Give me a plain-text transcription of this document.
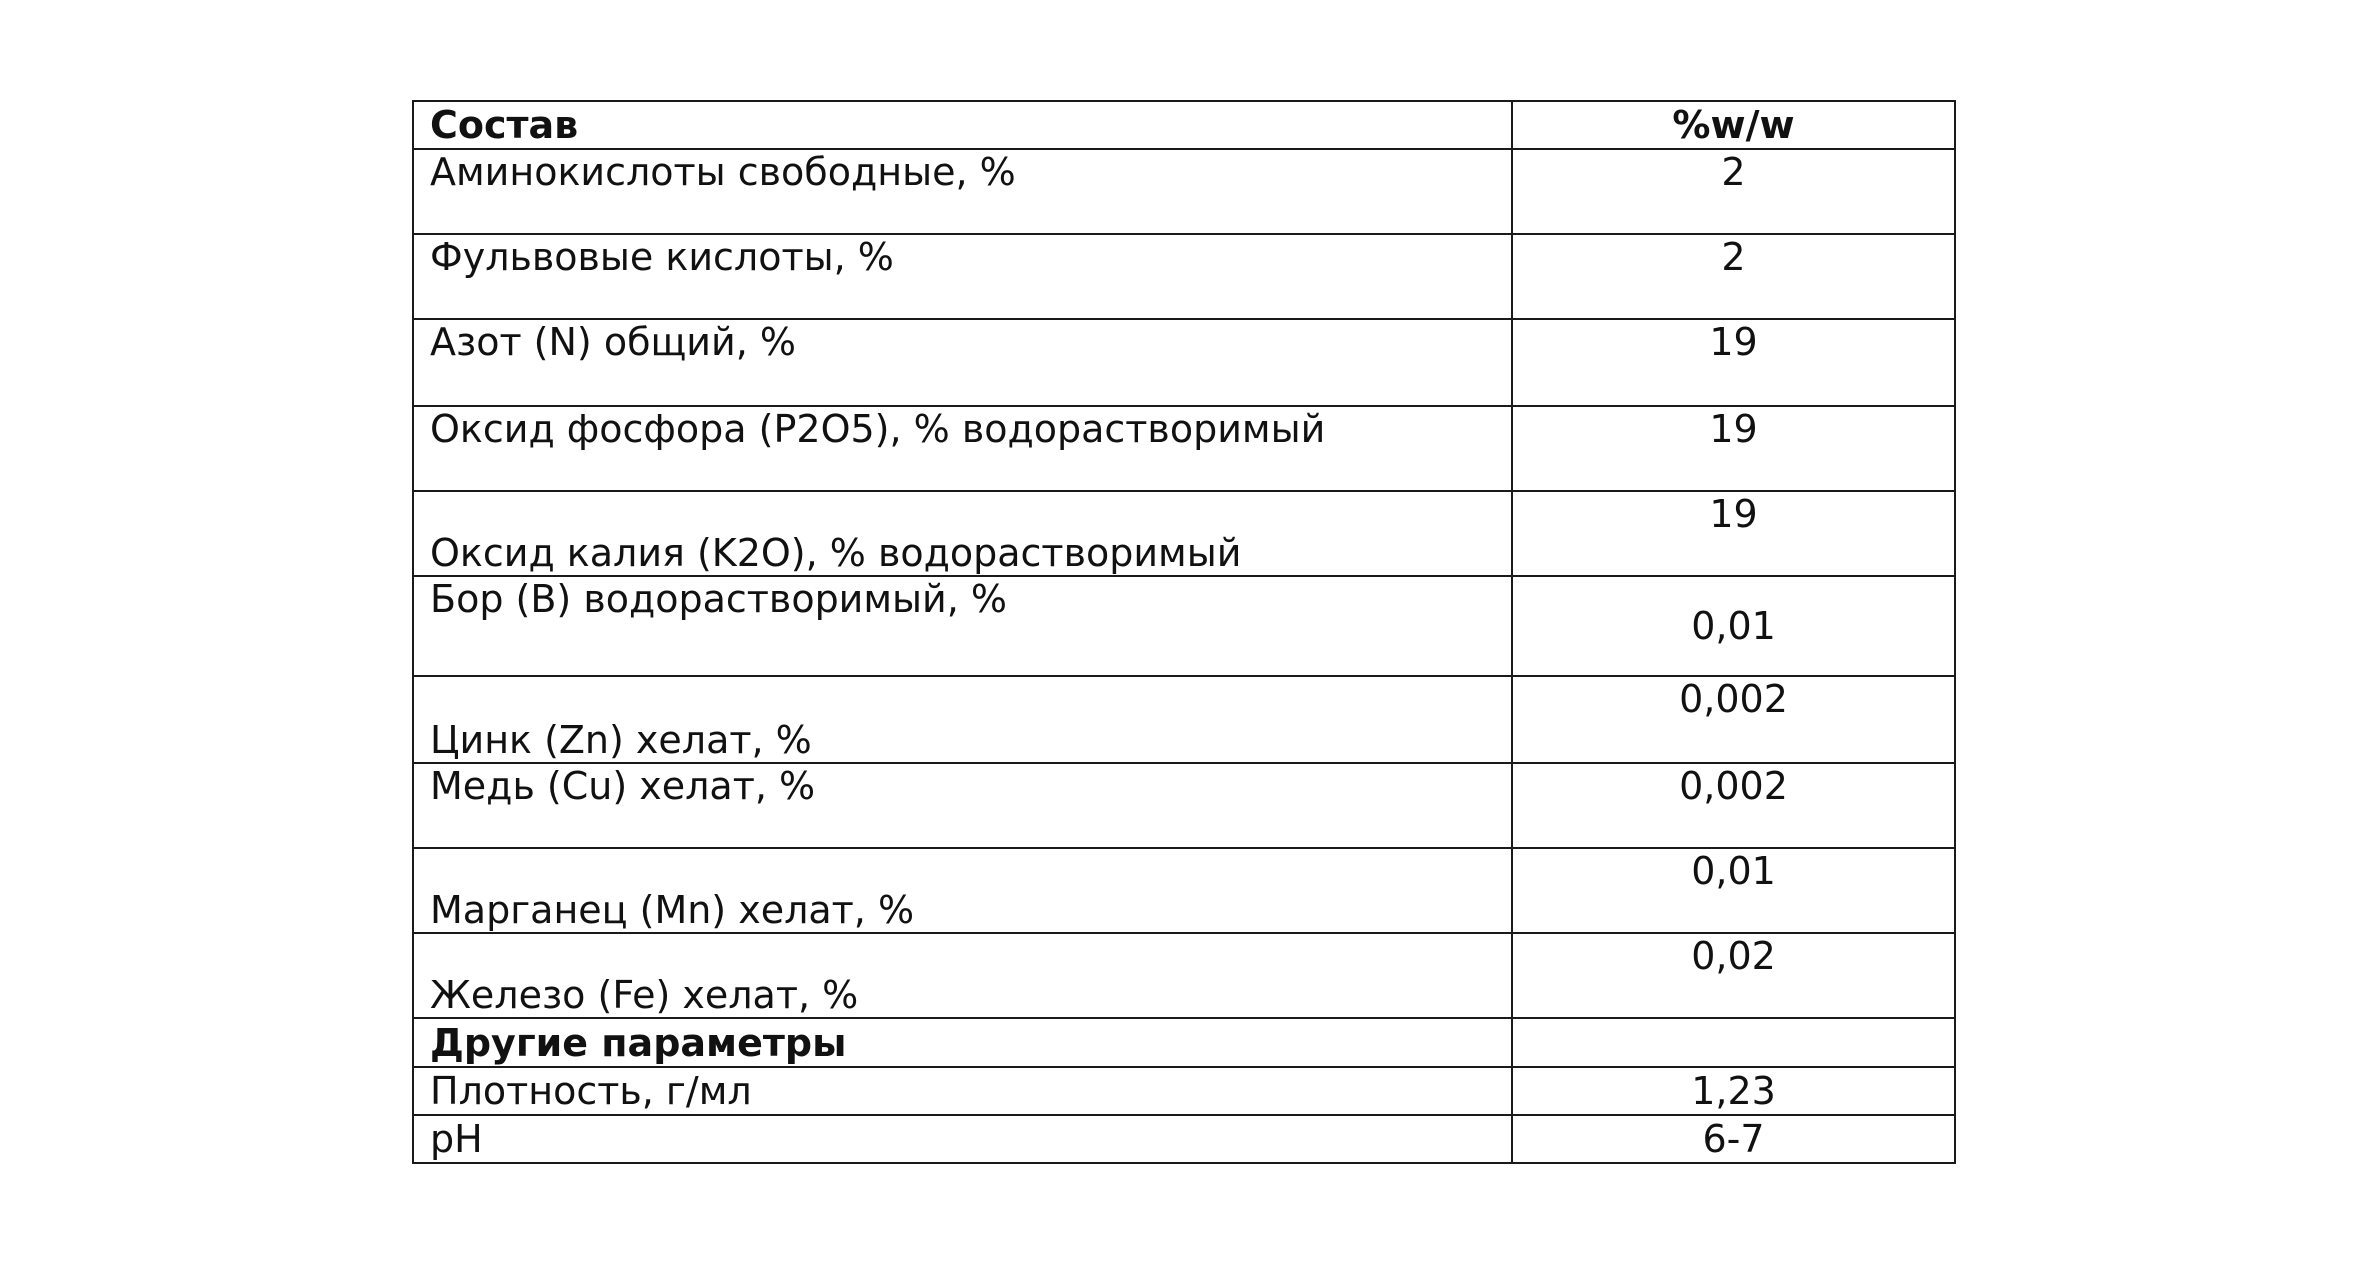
Состав	%w/w
Аминокислоты свободные, %	2
Фульвовые кислоты, %	2
Азот (N) общий, %	19
Оксид фосфора (P2O5), % водорастворимый	19
Оксид калия (K2O), % водорастворимый	19
Бор (B) водорастворимый, %	0,01
Цинк (Zn) хелат, %	0,002
Медь (Cu) хелат, %	0,002
Марганец (Mn) хелат, %	0,01
Железо (Fe) хелат, %	0,02
Другие параметры	
Плотность, г/мл	1,23
pH	6-7
